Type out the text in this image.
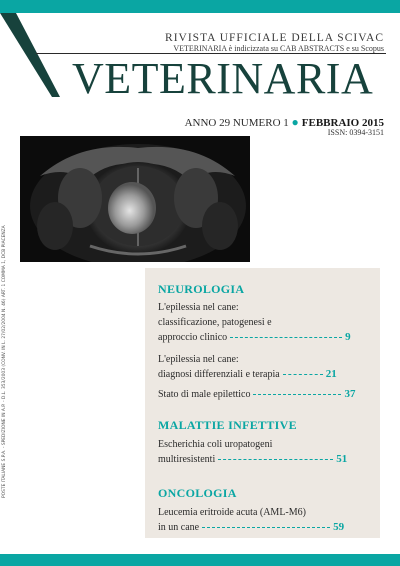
RIVISTA UFFICIALE DELLA SCIVAC
VETERINARIA è indicizzata su CAB ABSTRACTS e su Scopus
VETERINARIA
ANNO 29 NUMERO 1 ● FEBBRAIO 2015
ISSN: 0394-3151
POSTE ITALIANE S.P.A. - SPEDIZIONE IN A.P. - D.L. 353/2003 (CONV. IN L. 27/02/2004 N. 46) ART. 1 COMMA 1, DCB PIACENZA	NEUROLOGIA
L'epilessia nel cane:
classificazione, patogenesi e
approccio clinico	9
L'epilessia nel cane:
diagnosi differenziali e terapia	21
Stato di male epilettico	37
MALATTIE INFETTIVE
Escherichia coli uropatogeni
multiresistenti	51
ONCOLOGIA
Leucemia eritroide acuta (AML-M6)
in un cane	59
